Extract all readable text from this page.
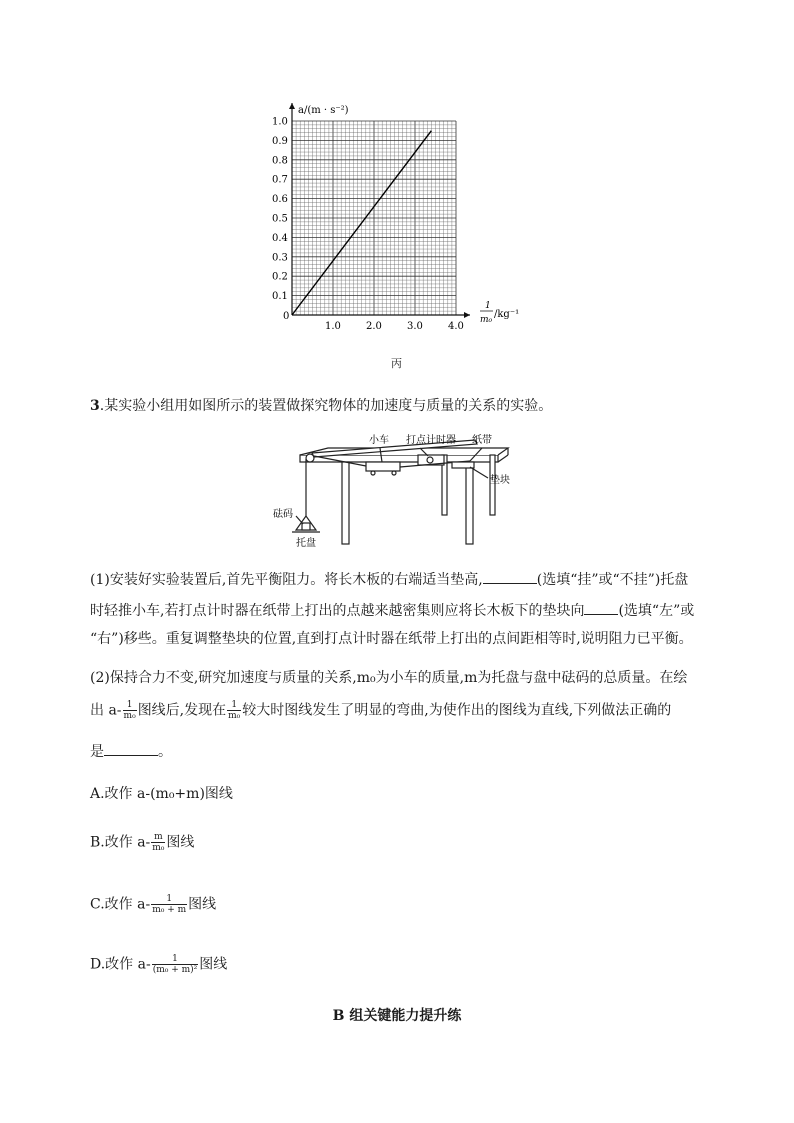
1.0	2.0	3.0	4.0
0.1
0.2
0.3
0.4
0.5
0.6
0.7
0.8
0.9
1.0
a/(m · s⁻²)
0
1
m₀ /kg⁻¹
丙
3.某实验小组用如图所示的装置做探究物体的加速度与质量的关系的实验。
小车 打点计时器 纸带
垫块
砝码
托盘
(1)安装好实验装置后,首先平衡阻力。将长木板的右端适当垫高,	(选填“挂”或“不挂”)托盘
时轻推小车,若打点计时器在纸带上打出的点越来越密集则应将长木板下的垫块向 (选填“左”或
“右”)移些。重复调整垫块的位置,直到打点计时器在纸带上打出的点间距相等时,说明阻力已平衡。
(2)保持合力不变,研究加速度与质量的关系,m₀为小车的质量,m为托盘与盘中砝码的总质量。在绘
出 $a- \frac{1}{\text{m₀}}$ 图线后,发现在 $\frac{1}{\text{m₀}}$ 较大时图线发生了明显的弯曲,为使作出的图线为直线,下列做法正确的
是	。
A.改作 a-(m₀+m)图线
B.改作 $a- \frac{m}{\text{m₀}}$ 图线
C.改作 $a- \frac{1}{\text{m₀ + m}}$ 图线
D.改作 $a- \frac{1}{\text{(m₀ + m)²}}$ 图线
B 组关键能力提升练
